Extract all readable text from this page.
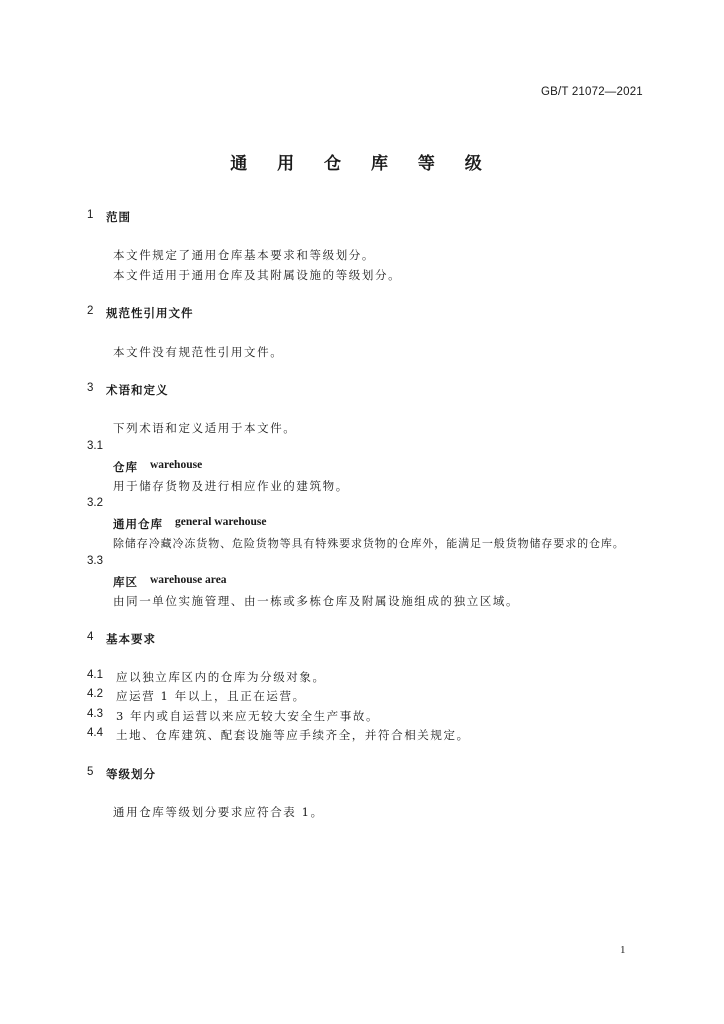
GB/T 21072—2021
通 用 仓 库 等 级
1 范围
本文件规定了通用仓库基本要求和等级划分。
本文件适用于通用仓库及其附属设施的等级划分。
2 规范性引用文件
本文件没有规范性引用文件。
3 术语和定义
下列术语和定义适用于本文件。
3.1
仓库 warehouse
用于储存货物及进行相应作业的建筑物。
3.2
通用仓库 general warehouse
除储存冷藏冷冻货物、危险货物等具有特殊要求货物的仓库外，能满足一般货物储存要求的仓库。
3.3
库区 warehouse area
由同一单位实施管理、由一栋或多栋仓库及附属设施组成的独立区域。
4 基本要求
4.1 应以独立库区内的仓库为分级对象。
4.2 应运营 1 年以上，且正在运营。
4.3 3 年内或自运营以来应无较大安全生产事故。
4.4 土地、仓库建筑、配套设施等应手续齐全，并符合相关规定。
5 等级划分
通用仓库等级划分要求应符合表 1。
1
